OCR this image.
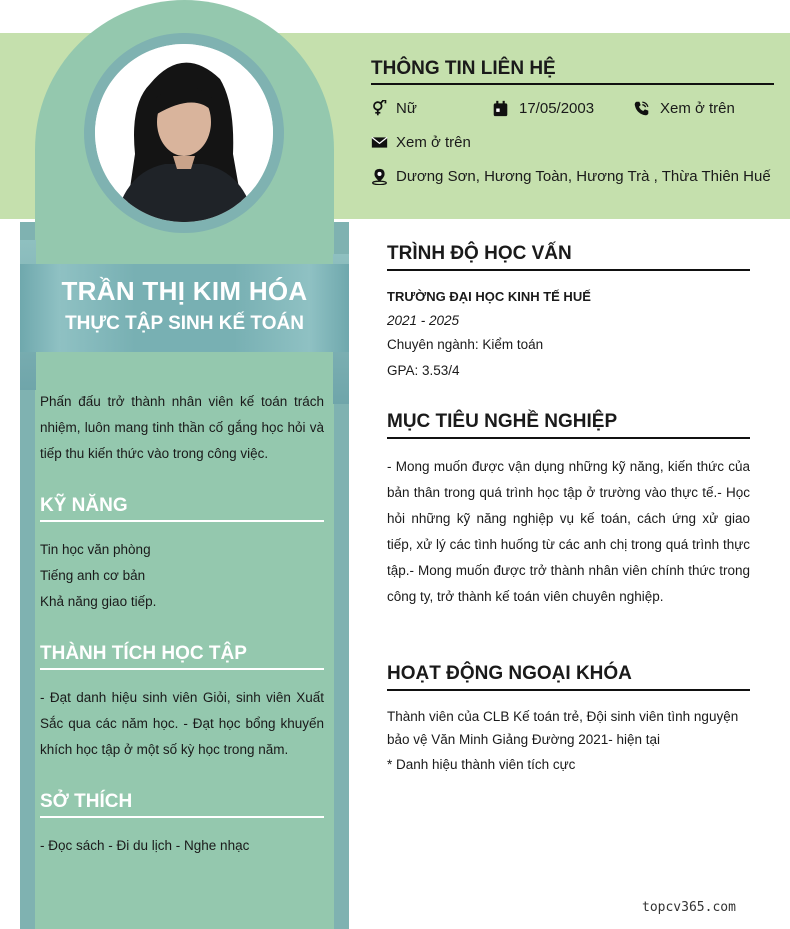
TRẦN THỊ KIM HÓA
THỰC TẬP SINH KẾ TOÁN
Phấn đấu trở thành nhân viên kế toán trách nhiệm, luôn mang tinh thần cố gắng học hỏi và tiếp thu kiến thức vào trong công việc.
KỸ NĂNG
Tin học văn phòng
Tiếng anh cơ bản
Khả năng giao tiếp.
THÀNH TÍCH HỌC TẬP
- Đạt danh hiệu sinh viên Giỏi, sinh viên Xuất Sắc qua các năm học. - Đạt học bổng khuyến khích học tập ở một số kỳ học trong năm.
SỞ THÍCH
- Đọc sách - Đi du lịch - Nghe nhạc
THÔNG TIN LIÊN HỆ
Nữ	17/05/2003	Xem ở trên
Xem ở trên
Dương Sơn, Hương Toàn, Hương Trà , Thừa Thiên Huế
TRÌNH ĐỘ HỌC VẤN
TRƯỜNG ĐẠI HỌC KINH TẾ HUẾ
2021 - 2025
Chuyên ngành: Kiểm toán
GPA: 3.53/4
MỤC TIÊU NGHỀ NGHIỆP
- Mong muốn được vận dụng những kỹ năng, kiến thức của bản thân trong quá trình học tập ở trường vào thực tế.- Học hỏi những kỹ năng nghiệp vụ kế toán, cách ứng xử giao tiếp, xử lý các tình huống từ các anh chị trong quá trình thực tập.- Mong muốn được trở thành nhân viên chính thức trong công ty, trở thành kế toán viên chuyên nghiệp.
HOẠT ĐỘNG NGOẠI KHÓA
Thành viên của CLB Kế toán trẻ, Đội sinh viên tình nguyện bảo vệ Văn Minh Giảng Đường 2021- hiện tại
* Danh hiệu thành viên tích cực
topcv365.com
